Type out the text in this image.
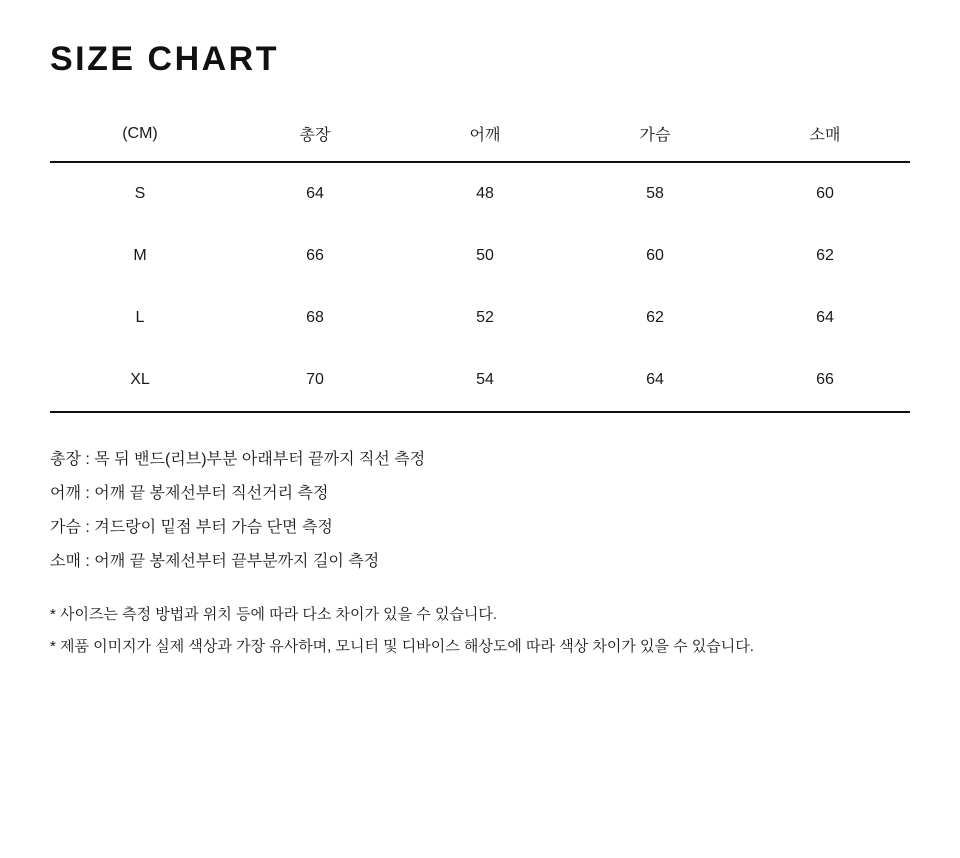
SIZE CHART
(CM)	총장	어깨	가슴	소매
S	64	48	58	60
M	66	50	60	62
L	68	52	62	64
XL	70	54	64	66
총장 : 목 뒤 밴드(리브)부분 아래부터 끝까지 직선 측정
어깨 : 어깨 끝 봉제선부터 직선거리 측정
가슴 : 겨드랑이 밑점 부터 가슴 단면 측정
소매 : 어깨 끝 봉제선부터 끝부분까지 길이 측정
* 사이즈는 측정 방법과 위치 등에 따라 다소 차이가 있을 수 있습니다.
* 제품 이미지가 실제 색상과 가장 유사하며, 모니터 및 디바이스 해상도에 따라 색상 차이가 있을 수 있습니다.
